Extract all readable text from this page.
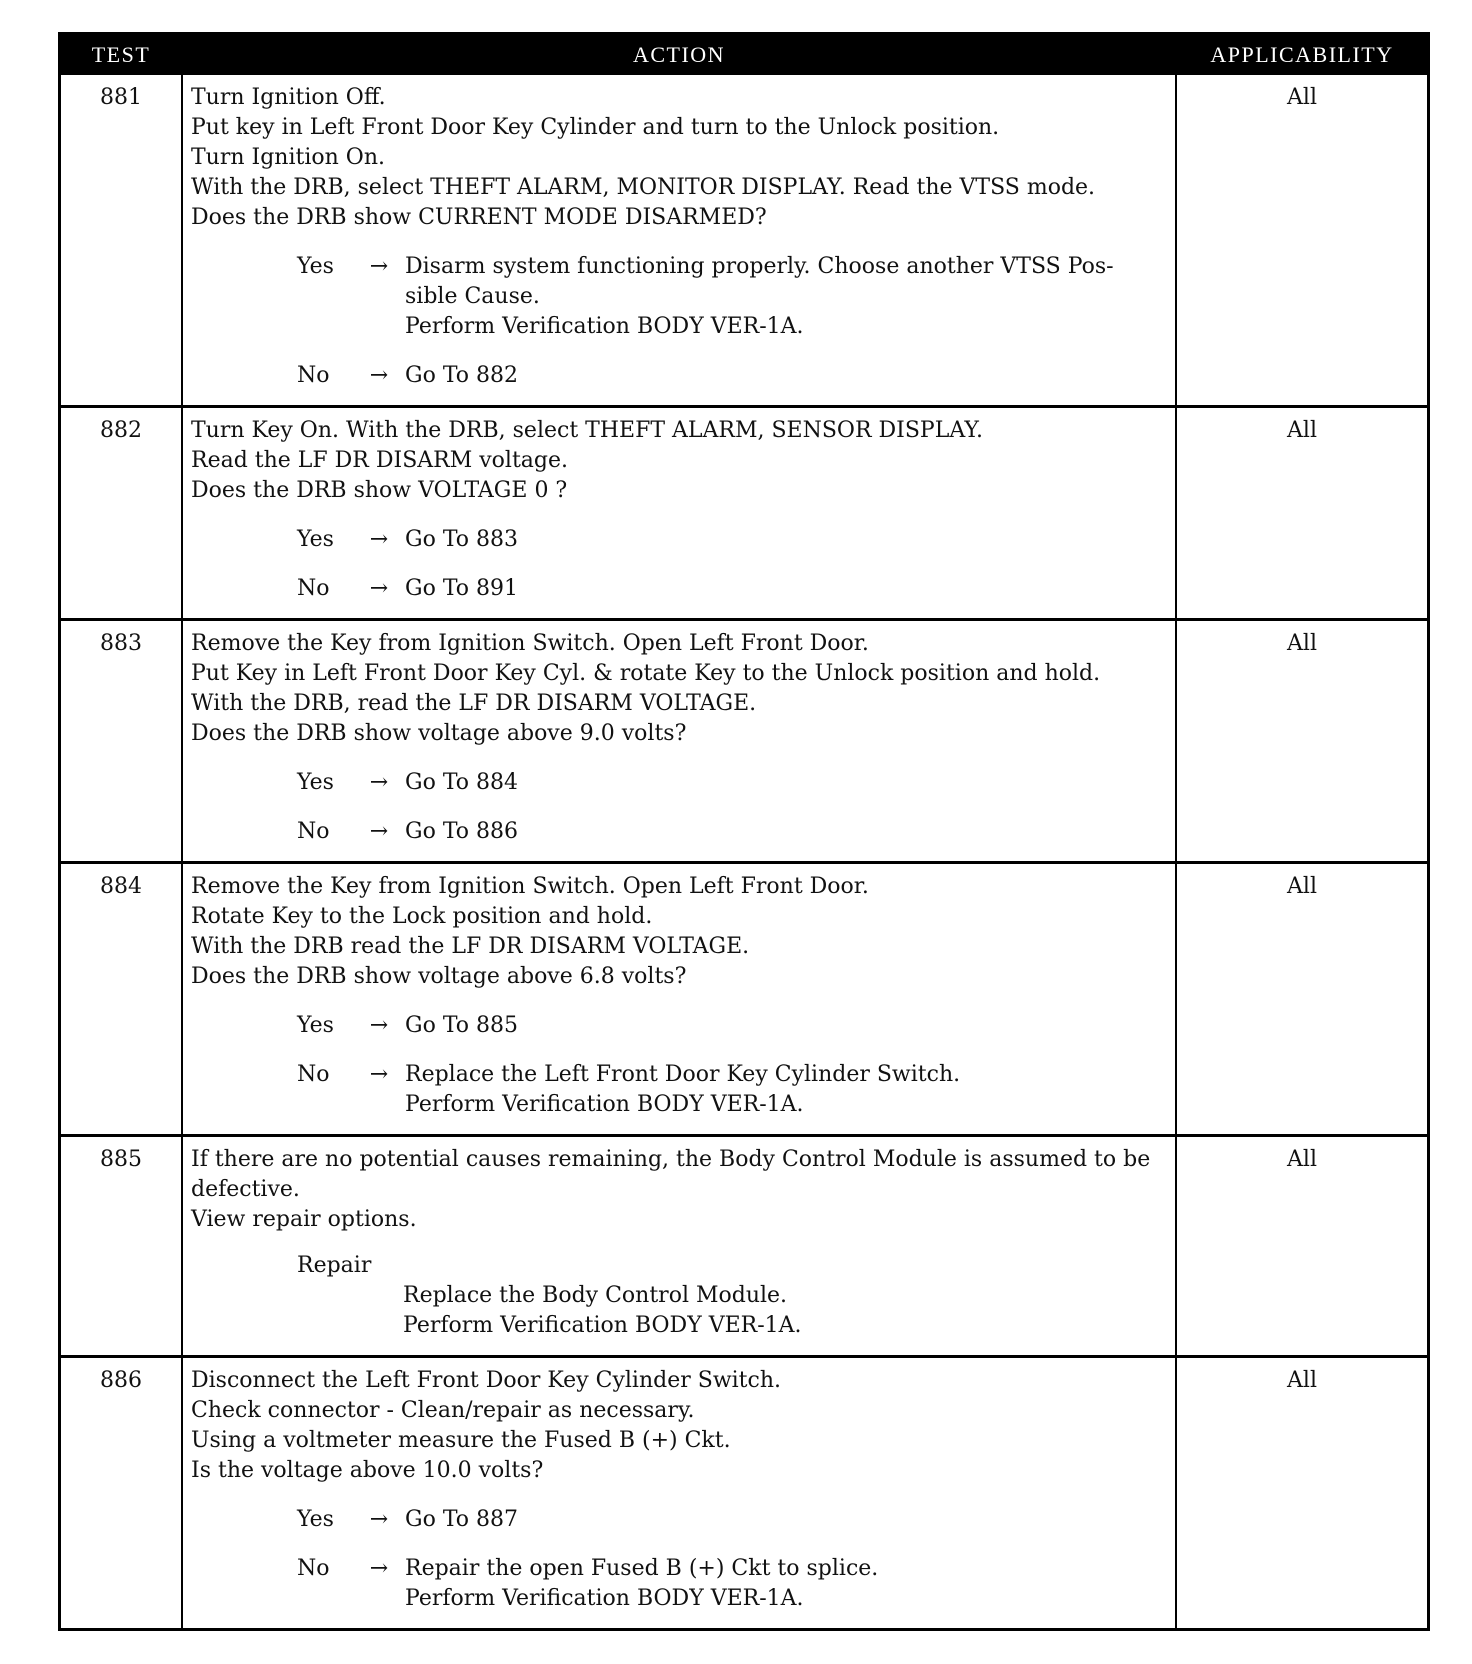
TEST	ACTION	APPLICABILITY
881	Turn Ignition Off.
Put key in Left Front Door Key Cylinder and turn to the Unlock position.
Turn Ignition On.
With the DRB, select THEFT ALARM, MONITOR DISPLAY. Read the VTSS mode.
Does the DRB show CURRENT MODE DISARMED?
Yes	→ Disarm system functioning properly. Choose another VTSS Pos-
sible Cause.
Perform Verification BODY VER-1A.
No	→ Go To 882
All
882	Turn Key On. With the DRB, select THEFT ALARM, SENSOR DISPLAY.
Read the LF DR DISARM voltage.
Does the DRB show VOLTAGE 0 ?
Yes	→ Go To 883
No	→ Go To 891
All
883	Remove the Key from Ignition Switch. Open Left Front Door.
Put Key in Left Front Door Key Cyl. & rotate Key to the Unlock position and hold.
With the DRB, read the LF DR DISARM VOLTAGE.
Does the DRB show voltage above 9.0 volts?
Yes	→ Go To 884
No	→ Go To 886
All
884	Remove the Key from Ignition Switch. Open Left Front Door.
Rotate Key to the Lock position and hold.
With the DRB read the LF DR DISARM VOLTAGE.
Does the DRB show voltage above 6.8 volts?
Yes	→ Go To 885
No	→ Replace the Left Front Door Key Cylinder Switch.
Perform Verification BODY VER-1A.
All
885	If there are no potential causes remaining, the Body Control Module is assumed to be defective.
View repair options.
Repair
Replace the Body Control Module.
Perform Verification BODY VER-1A.
All
886	Disconnect the Left Front Door Key Cylinder Switch.
Check connector - Clean/repair as necessary.
Using a voltmeter measure the Fused B (+) Ckt.
Is the voltage above 10.0 volts?
Yes	→ Go To 887
No	→ Repair the open Fused B (+) Ckt to splice.
Perform Verification BODY VER-1A.
All
